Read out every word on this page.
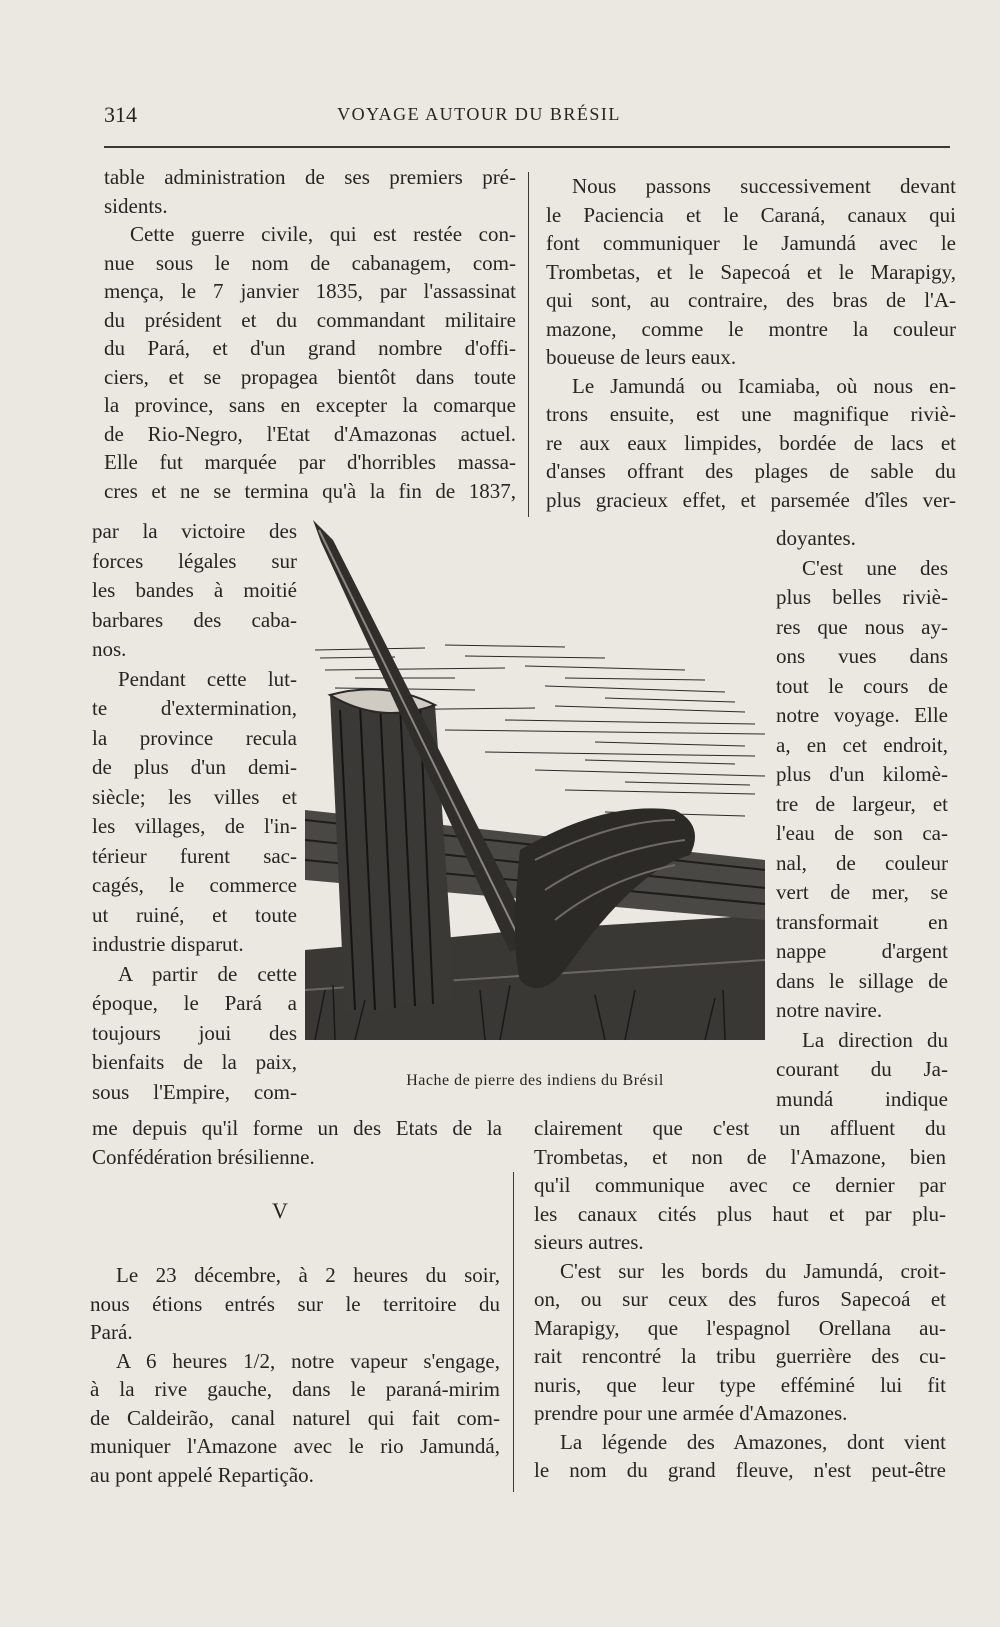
314	VOYAGE AUTOUR DU BRÉSIL
table administration de ses premiers pré-
sidents.
Cette guerre civile, qui est restée con-
nue sous le nom de cabanagem, com-
mença, le 7 janvier 1835, par l'assassinat
du président et du commandant militaire
du Pará, et d'un grand nombre d'offi-
ciers, et se propagea bientôt dans toute
la province, sans en excepter la comarque
de Rio-Negro, l'Etat d'Amazonas actuel.
Elle fut marquée par d'horribles massa-
cres et ne se termina qu'à la fin de 1837,
par la victoire des
forces légales sur
les bandes à moitié
barbares des caba-
nos.
Pendant cette lut-
te d'extermination,
la province recula
de plus d'un demi-
siècle; les villes et
les villages, de l'in-
térieur furent sac-
cagés, le commerce
ut ruiné, et toute
industrie disparut.
A partir de cette
époque, le Pará a
toujours joui des
bienfaits de la paix,
sous l'Empire, com-
me depuis qu'il forme un des Etats de la
Confédération brésilienne.
V
Le 23 décembre, à 2 heures du soir,
nous étions entrés sur le territoire du
Pará.
A 6 heures 1/2, notre vapeur s'engage,
à la rive gauche, dans le paraná-mirim
de Caldeirão, canal naturel qui fait com-
muniquer l'Amazone avec le rio Jamundá,
au pont appelé Repartição.
Nous passons successivement devant
le Paciencia et le Caraná, canaux qui
font communiquer le Jamundá avec le
Trombetas, et le Sapecoá et le Marapigy,
qui sont, au contraire, des bras de l'A-
mazone, comme le montre la couleur
boueuse de leurs eaux.
Le Jamundá ou Icamiaba, où nous en-
trons ensuite, est une magnifique riviè-
re aux eaux limpides, bordée de lacs et
d'anses offrant des plages de sable du
plus gracieux effet, et parsemée d'îles ver-
doyantes.
C'est une des
plus belles riviè-
res que nous ay-
ons vues dans
tout le cours de
notre voyage. Elle
a, en cet endroit,
plus d'un kilomè-
tre de largeur, et
l'eau de son ca-
nal, de couleur
vert de mer, se
transformait en
nappe d'argent
dans le sillage de
notre navire.
La direction du
courant du Ja-
mundá indique
clairement que c'est un affluent du
Trombetas, et non de l'Amazone, bien
qu'il communique avec ce dernier par
les canaux cités plus haut et par plu-
sieurs autres.
C'est sur les bords du Jamundá, croit-
on, ou sur ceux des furos Sapecoá et
Marapigy, que l'espagnol Orellana au-
rait rencontré la tribu guerrière des cu-
nuris, que leur type efféminé lui fit
prendre pour une armée d'Amazones.
La légende des Amazones, dont vient
le nom du grand fleuve, n'est peut-être
Hache de pierre des indiens du Brésil
